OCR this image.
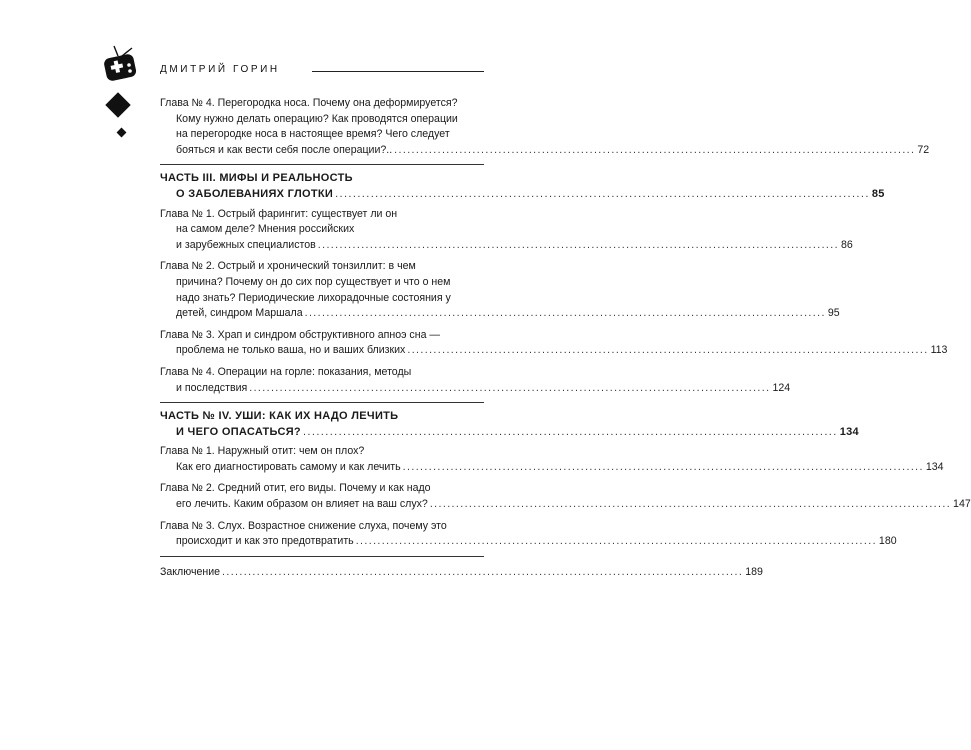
ДМИТРИЙ ГОРИН
Глава № 4. Перегородка носа. Почему она деформируется?
Кому нужно делать операцию? Как проводятся операции
на перегородке носа в настоящее время? Чего следует
бояться и как вести себя после операции?.. ........................................................................................................................ 72
ЧАСТЬ III. МИФЫ И РЕАЛЬНОСТЬ
О ЗАБОЛЕВАНИЯХ ГЛОТКИ ........................................................................................................................ 85
Глава № 1. Острый фарингит: существует ли он
на самом деле? Мнения российских
и зарубежных специалистов ........................................................................................................................ 86
Глава № 2. Острый и хронический тонзиллит: в чем
причина? Почему он до сих пор существует и что о нем
надо знать? Периодические лихорадочные состояния у
детей, синдром Маршала ........................................................................................................................ 95
Глава № 3. Храп и синдром обструктивного апноэ сна —
проблема не только ваша, но и ваших близких ........................................................................................................................ 113
Глава № 4. Операции на горле: показания, методы
и последствия ........................................................................................................................ 124
ЧАСТЬ № IV. УШИ: КАК ИХ НАДО ЛЕЧИТЬ
И ЧЕГО ОПАСАТЬСЯ? ........................................................................................................................ 134
Глава № 1. Наружный отит: чем он плох?
Как его диагностировать самому и как лечить ........................................................................................................................ 134
Глава № 2. Средний отит, его виды. Почему и как надо
его лечить. Каким образом он влияет на ваш слух? ........................................................................................................................ 147
Глава № 3. Слух. Возрастное снижение слуха, почему это
происходит и как это предотвратить ........................................................................................................................ 180
Заключение ........................................................................................................................ 189
